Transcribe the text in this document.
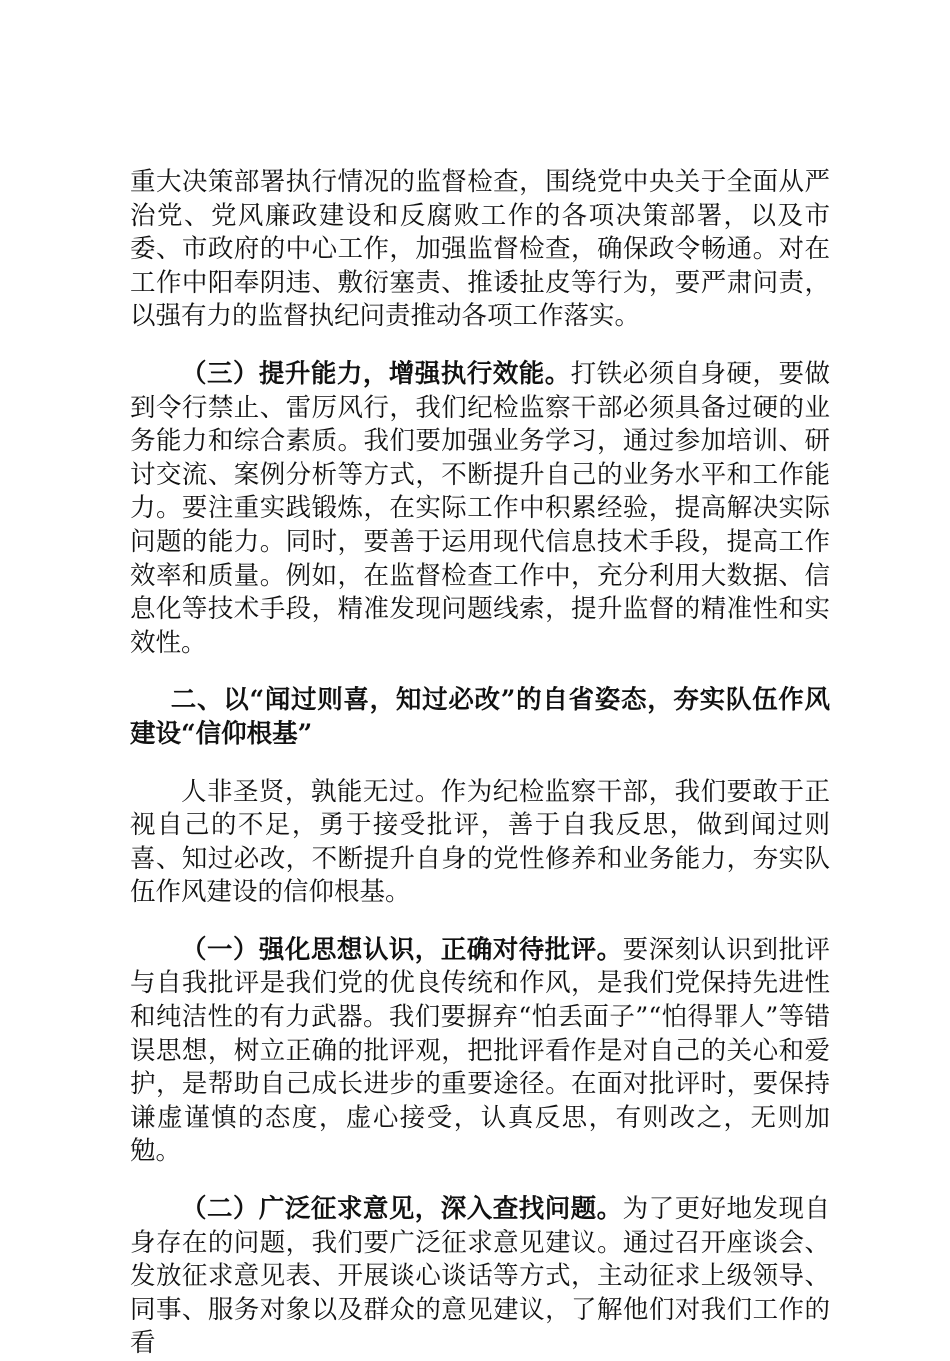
重大决策部署执行情况的监督检查，围绕党中央关于全面从严治党、党风廉政建设和反腐败工作的各项决策部署，以及市委、市政府的中心工作，加强监督检查，确保政令畅通。对在工作中阳奉阴违、敷衍塞责、推诿扯皮等行为，要严肃问责，以强有力的监督执纪问责推动各项工作落实。

（三）提升能力，增强执行效能。打铁必须自身硬，要做到令行禁止、雷厉风行，我们纪检监察干部必须具备过硬的业务能力和综合素质。我们要加强业务学习，通过参加培训、研讨交流、案例分析等方式，不断提升自己的业务水平和工作能力。要注重实践锻炼，在实际工作中积累经验，提高解决实际问题的能力。同时，要善于运用现代信息技术手段，提高工作效率和质量。例如，在监督检查工作中，充分利用大数据、信息化等技术手段，精准发现问题线索，提升监督的精准性和实效性。

二、以“闻过则喜，知过必改”的自省姿态，夯实队伍作风建设“信仰根基”

人非圣贤，孰能无过。作为纪检监察干部，我们要敢于正视自己的不足，勇于接受批评，善于自我反思，做到闻过则喜、知过必改，不断提升自身的党性修养和业务能力，夯实队伍作风建设的信仰根基。

（一）强化思想认识，正确对待批评。要深刻认识到批评与自我批评是我们党的优良传统和作风，是我们党保持先进性和纯洁性的有力武器。我们要摒弃“怕丢面子”“怕得罪人”等错误思想，树立正确的批评观，把批评看作是对自己的关心和爱护，是帮助自己成长进步的重要途径。在面对批评时，要保持谦虚谨慎的态度，虚心接受，认真反思，有则改之，无则加勉。

（二）广泛征求意见，深入查找问题。为了更好地发现自身存在的问题，我们要广泛征求意见建议。通过召开座谈会、发放征求意见表、开展谈心谈话等方式，主动征求上级领导、同事、服务对象以及群众的意见建议，了解他们对我们工作的看
